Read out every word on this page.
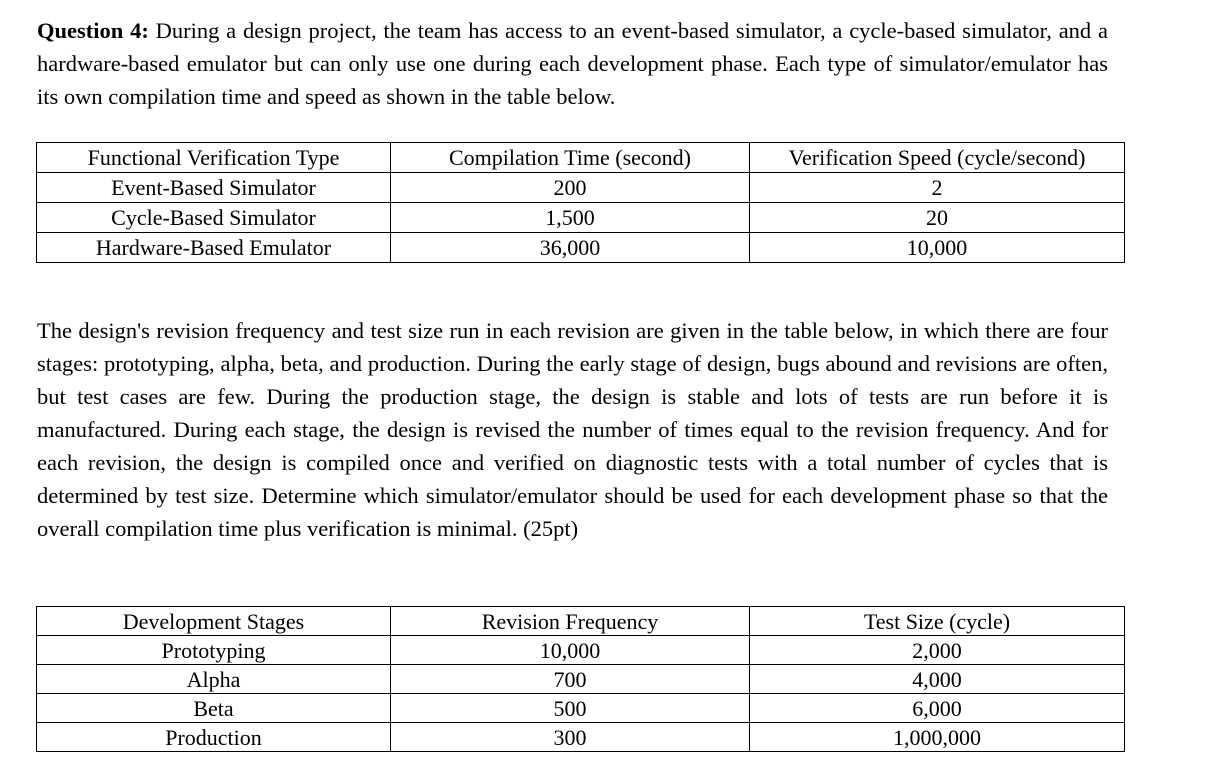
Question 4: During a design project, the team has access to an event-based simulator, a cycle-based simulator, and a hardware-based emulator but can only use one during each development phase. Each type of simulator/emulator has its own compilation time and speed as shown in the table below.

Functional Verification Type	Compilation Time (second)	Verification Speed (cycle/second)
Event-Based Simulator	200	2
Cycle-Based Simulator	1,500	20
Hardware-Based Emulator	36,000	10,000

The design's revision frequency and test size run in each revision are given in the table below, in which there are four stages: prototyping, alpha, beta, and production. During the early stage of design, bugs abound and revisions are often, but test cases are few. During the production stage, the design is stable and lots of tests are run before it is manufactured. During each stage, the design is revised the number of times equal to the revision frequency. And for each revision, the design is compiled once and verified on diagnostic tests with a total number of cycles that is determined by test size. Determine which simulator/emulator should be used for each development phase so that the overall compilation time plus verification is minimal. (25pt)

Development Stages	Revision Frequency	Test Size (cycle)
Prototyping	10,000	2,000
Alpha	700	4,000
Beta	500	6,000
Production	300	1,000,000
